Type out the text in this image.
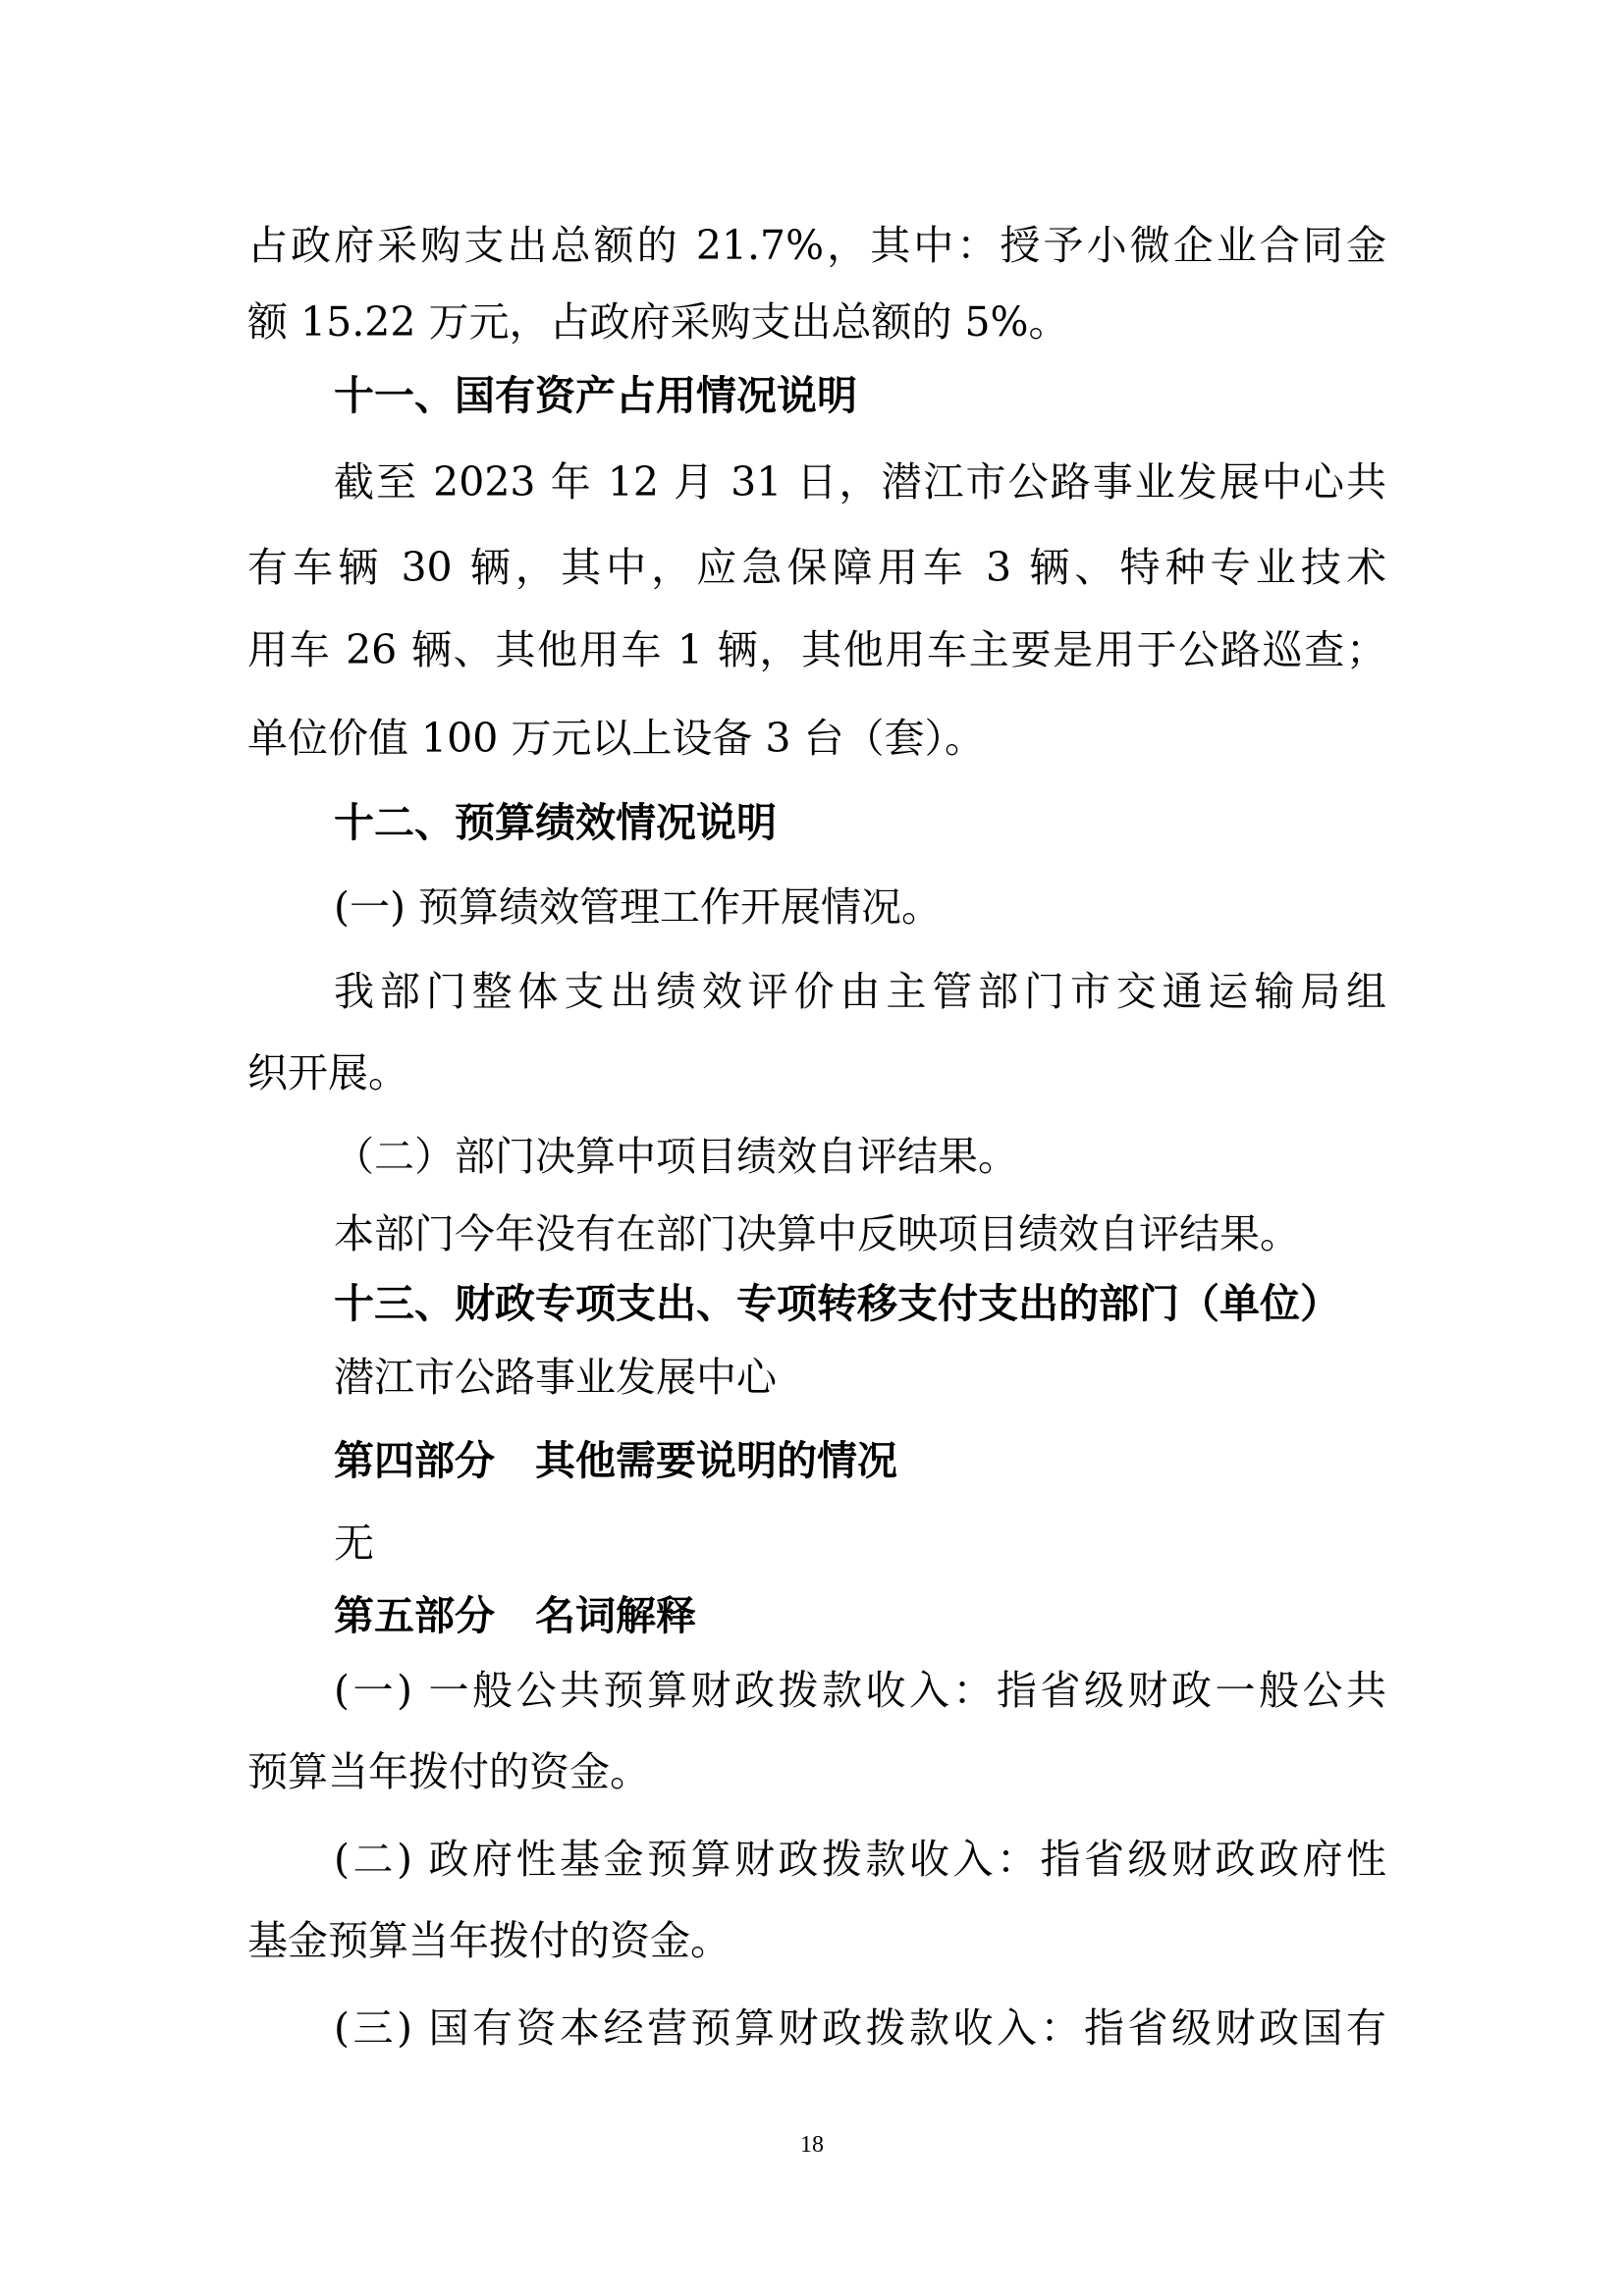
占政府采购支出总额的 21.7%，其中：授予小微企业合同金
额 15.22 万元，占政府采购支出总额的 5%。
十一、国有资产占用情况说明
截至 2023 年 12 月 31 日，潜江市公路事业发展中心共
有车辆 30 辆，其中，应急保障用车 3 辆、特种专业技术
用车 26 辆、其他用车 1 辆，其他用车主要是用于公路巡查；
单位价值 100 万元以上设备 3 台（套）。
十二、预算绩效情况说明
(一) 预算绩效管理工作开展情况。
我部门整体支出绩效评价由主管部门市交通运输局组
织开展。
（二）部门决算中项目绩效自评结果。
本部门今年没有在部门决算中反映项目绩效自评结果。
十三、财政专项支出、专项转移支付支出的部门（单位）
潜江市公路事业发展中心
第四部分　其他需要说明的情况
无
第五部分　名词解释
(一) 一般公共预算财政拨款收入：指省级财政一般公共
预算当年拨付的资金。
(二) 政府性基金预算财政拨款收入：指省级财政政府性
基金预算当年拨付的资金。
(三) 国有资本经营预算财政拨款收入：指省级财政国有
18
